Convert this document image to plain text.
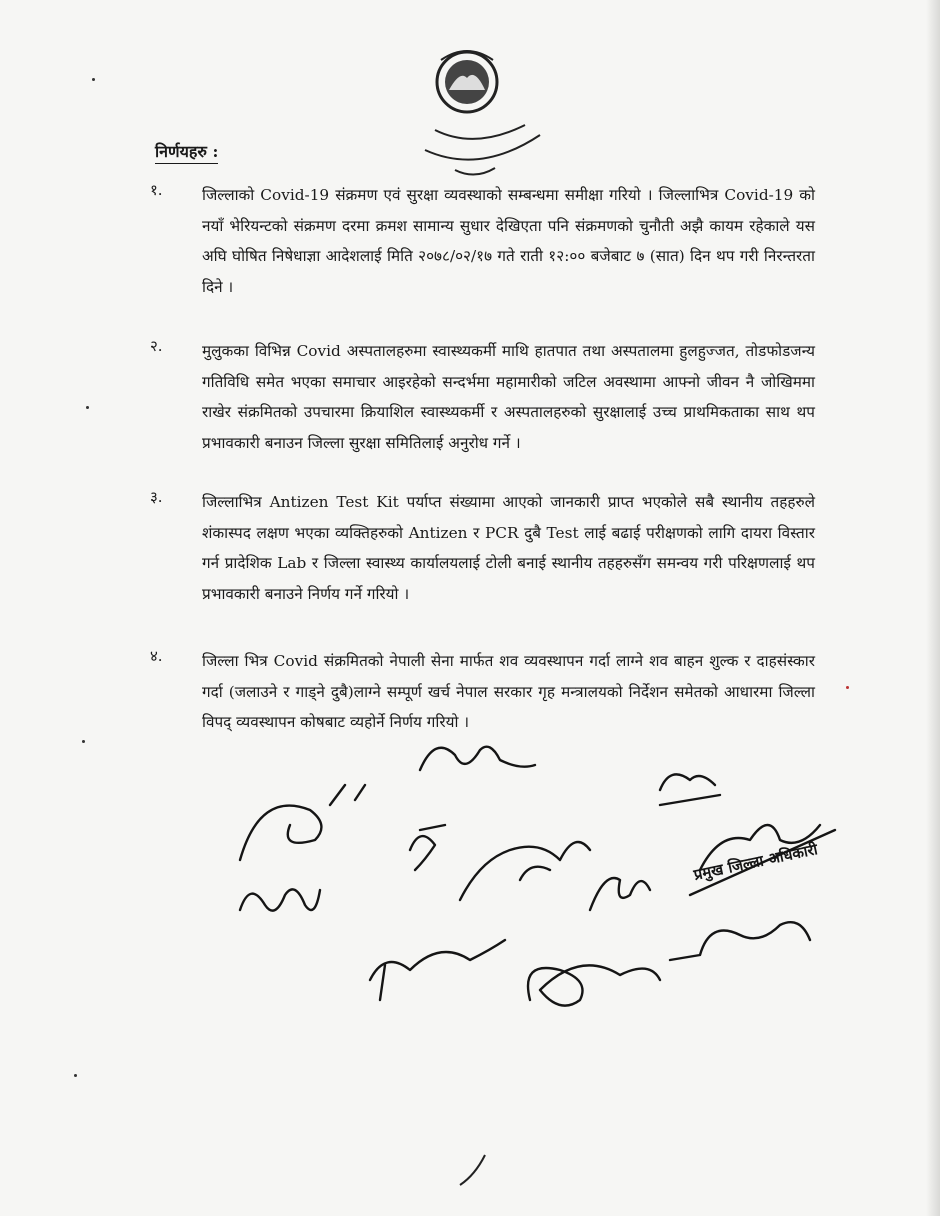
निर्णयहरु :
१.	जिल्लाको Covid-19 संक्रमण एवं सुरक्षा व्यवस्थाको सम्बन्धमा समीक्षा गरियो । जिल्लाभित्र Covid-19 को नयाँ भेरियन्टको संक्रमण दरमा क्रमश सामान्य सुधार देखिएता पनि संक्रमणको चुनौती अझै कायम रहेकाले यस अघि घोषित निषेधाज्ञा आदेशलाई मिति २०७८/०२/१७ गते राती १२:०० बजेबाट ७ (सात) दिन थप गरी निरन्तरता दिने ।
२.	मुलुकका विभिन्न Covid अस्पतालहरुमा स्वास्थ्यकर्मी माथि हातपात तथा अस्पतालमा हुलहुज्जत, तोडफोडजन्य गतिविधि समेत भएका समाचार आइरहेको सन्दर्भमा महामारीको जटिल अवस्थामा आफ्नो जीवन नै जोखिममा राखेर संक्रमितको उपचारमा क्रियाशिल स्वास्थ्यकर्मी र अस्पतालहरुको सुरक्षालाई उच्च प्राथमिकताका साथ थप प्रभावकारी बनाउन जिल्ला सुरक्षा समितिलाई अनुरोध गर्ने ।
३.	जिल्लाभित्र Antizen Test Kit पर्याप्त संख्यामा आएको जानकारी प्राप्त भएकोले सबै स्थानीय तहहरुले शंकास्पद लक्षण भएका व्यक्तिहरुको Antizen र PCR दुबै Test लाई बढाई परीक्षणको लागि दायरा विस्तार गर्न प्रादेशिक Lab र जिल्ला स्वास्थ्य कार्यालयलाई टोली बनाई स्थानीय तहहरुसँग समन्वय गरी परिक्षणलाई थप प्रभावकारी बनाउने निर्णय गर्ने गरियो ।
४.	जिल्ला भित्र Covid संक्रमितको नेपाली सेना मार्फत शव व्यवस्थापन गर्दा लाग्ने शव बाहन शुल्क र दाहसंस्कार गर्दा (जलाउने र गाड्ने दुबै)लाग्ने सम्पूर्ण खर्च नेपाल सरकार गृह मन्त्रालयको निर्देशन समेतको आधारमा जिल्ला विपद् व्यवस्थापन कोषबाट व्यहोर्ने निर्णय गरियो ।
प्रमुख जिल्ला अधिकारी
